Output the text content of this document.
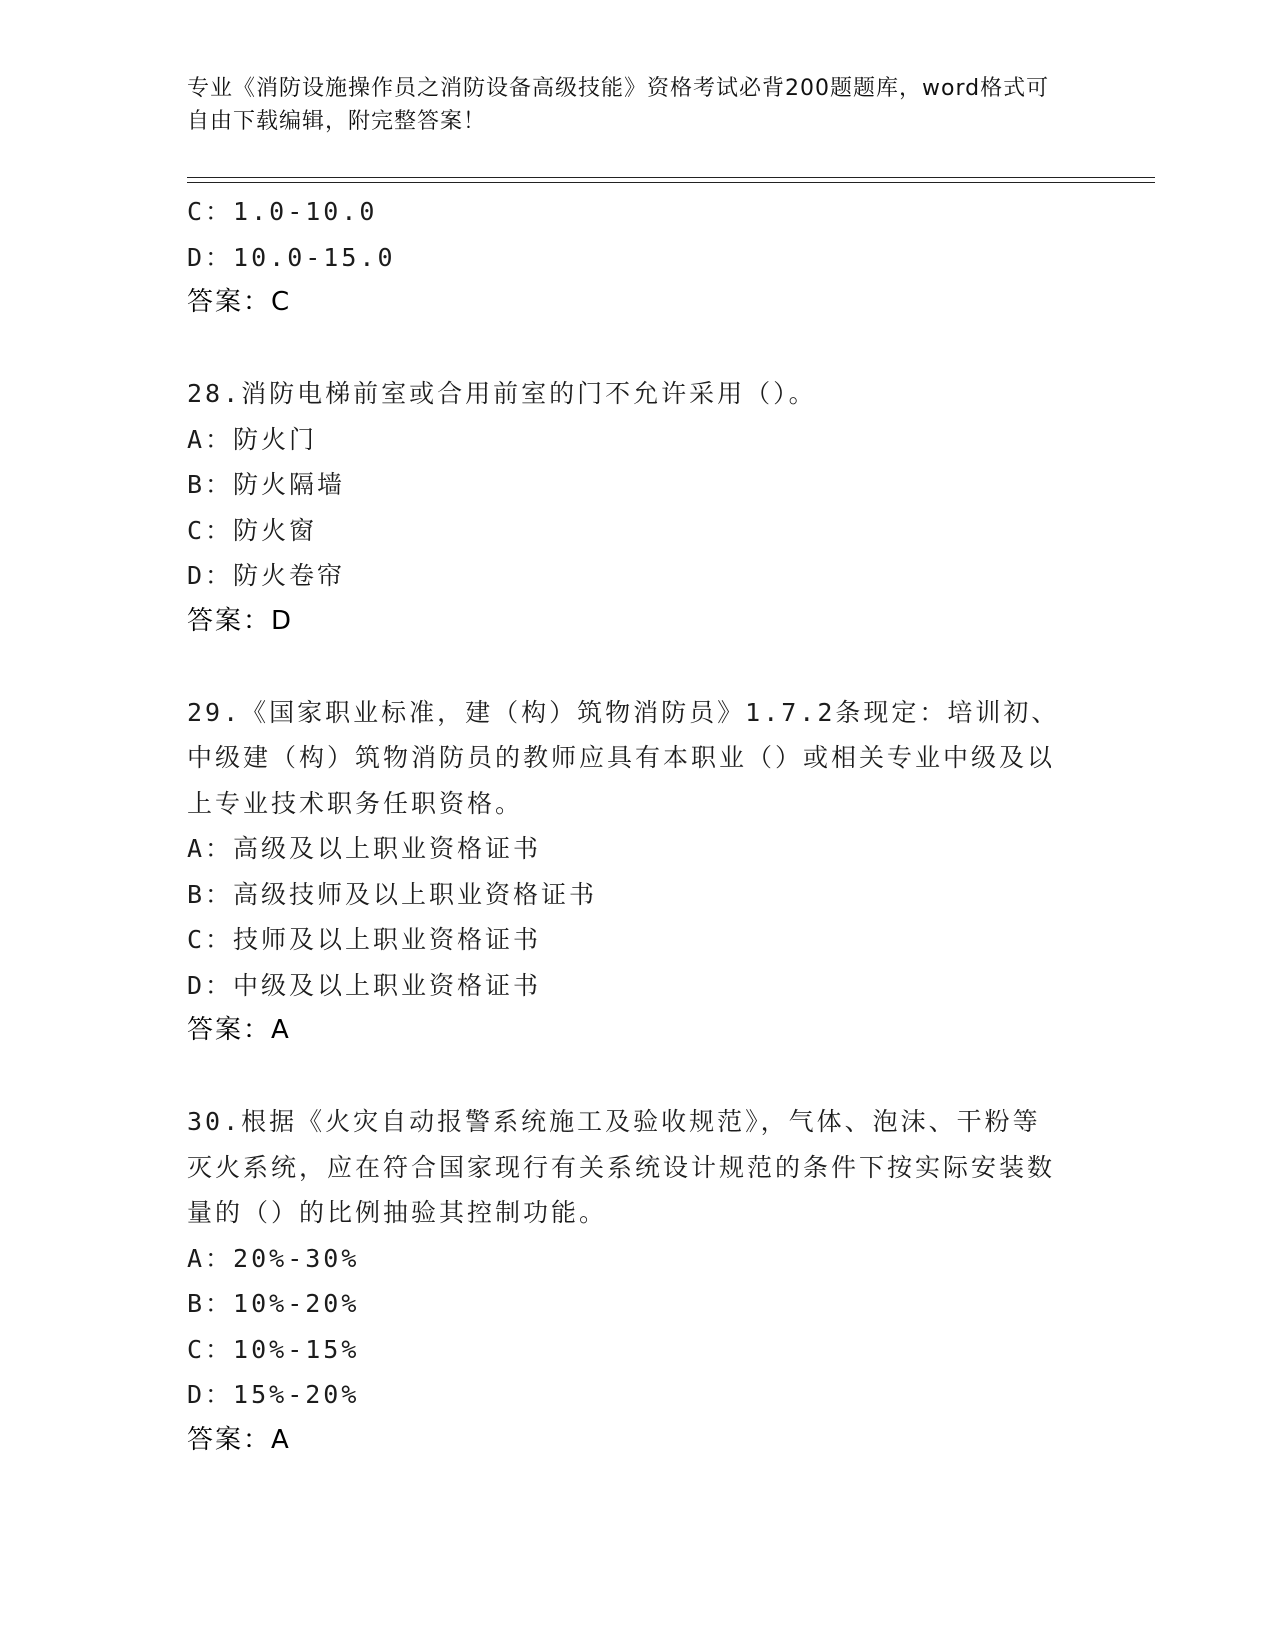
专业《消防设施操作员之消防设备高级技能》资格考试必背200题题库，word格式可自由下载编辑，附完整答案！
C：1.0-10.0
D：10.0-15.0
答案：C
28.消防电梯前室或合用前室的门不允许采用（）。
A：防火门
B：防火隔墙
C：防火窗
D：防火卷帘
答案：D
29.《国家职业标准，建（构）筑物消防员》1.7.2条现定：培训初、中级建（构）筑物消防员的教师应具有本职业（）或相关专业中级及以上专业技术职务任职资格。
A：高级及以上职业资格证书
B：高级技师及以上职业资格证书
C：技师及以上职业资格证书
D：中级及以上职业资格证书
答案：A
30.根据《火灾自动报警系统施工及验收规范》，气体、泡沫、干粉等灭火系统，应在符合国家现行有关系统设计规范的条件下按实际安装数量的（）的比例抽验其控制功能。
A：20%-30%
B：10%-20%
C：10%-15%
D：15%-20%
答案：A
